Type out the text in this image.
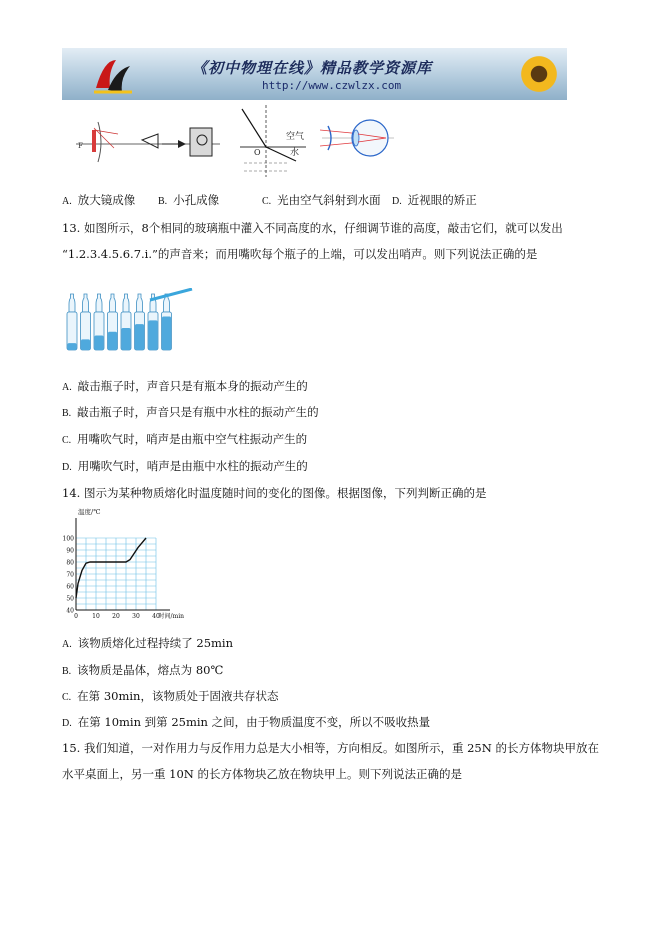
《初中物理在线》精品教学资源库
http://www.czwlzx.com
F
空气
水
O
A. 放大镜成像 B. 小孔成像	C. 光由空气斜射到水面 D. 近视眼的矫正
13. 如图所示，8个相同的玻璃瓶中灌入不同高度的水，仔细调节谁的高度，敲击它们，就可以发出
“1.2.3.4.5.6.7.i.”的声音来；而用嘴吹每个瓶子的上端，可以发出哨声。则下列说法正确的是
A. 敲击瓶子时，声音只是有瓶本身的振动产生的
B. 敲击瓶子时，声音只是有瓶中水柱的振动产生的
C. 用嘴吹气时，哨声是由瓶中空气柱振动产生的
D. 用嘴吹气时，哨声是由瓶中水柱的振动产生的
14. 图示为某种物质熔化时温度随时间的变化的图像。根据图像，下列判断正确的是
100
90
80
70
60
50
40
0 10 20 30 40
温度/℃
时间/min
A. 该物质熔化过程持续了 25min
B. 该物质是晶体，熔点为 80℃
C. 在第 30min，该物质处于固液共存状态
D. 在第 10min 到第 25min 之间，由于物质温度不变，所以不吸收热量
15. 我们知道，一对作用力与反作用力总是大小相等，方向相反。如图所示，重 25N 的长方体物块甲放在
水平桌面上，另一重 10N 的长方体物块乙放在物块甲上。则下列说法正确的是
